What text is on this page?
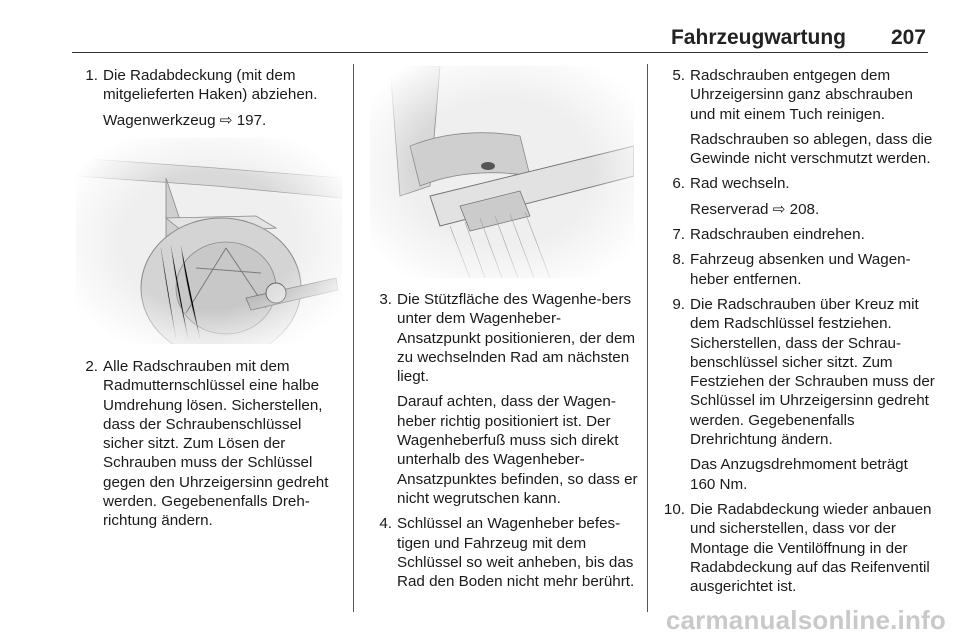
Fahrzeugwartung 207
1. Die Radabdeckung (mit dem mitgelieferten Haken) abziehen.
Wagenwerkzeug ⇨ 197.
2. Alle Radschrauben mit dem Radmutternschlüssel eine halbe Umdrehung lösen. Sicherstellen, dass der Schraubenschlüssel sicher sitzt. Zum Lösen der Schrauben muss der Schlüssel gegen den Uhrzeigersinn gedreht werden. Gegebenenfalls Dreh-richtung ändern.
3. Die Stützfläche des Wagenhe-bers unter dem Wagenheber-Ansatzpunkt positionieren, der dem zu wechselnden Rad am nächsten liegt.
Darauf achten, dass der Wagen-heber richtig positioniert ist. Der Wagenheberfuß muss sich direkt unterhalb des Wagenheber-Ansatzpunktes befinden, so dass er nicht wegrutschen kann.
4. Schlüssel an Wagenheber befes-tigen und Fahrzeug mit dem Schlüssel so weit anheben, bis das Rad den Boden nicht mehr berührt.
5. Radschrauben entgegen dem Uhrzeigersinn ganz abschrauben und mit einem Tuch reinigen.
Radschrauben so ablegen, dass die Gewinde nicht verschmutzt werden.
6. Rad wechseln.
Reserverad ⇨ 208.
7. Radschrauben eindrehen.
8. Fahrzeug absenken und Wagen-heber entfernen.
9. Die Radschrauben über Kreuz mit dem Radschlüssel festziehen. Sicherstellen, dass der Schrau-benschlüssel sicher sitzt. Zum Festziehen der Schrauben muss der Schlüssel im Uhrzeigersinn gedreht werden. Gegebenenfalls Drehrichtung ändern.
Das Anzugsdrehmoment beträgt 160 Nm.
10. Die Radabdeckung wieder anbauen und sicherstellen, dass vor der Montage die Ventilöffnung in der Radabdeckung auf das Reifenventil ausgerichtet ist.
carmanualsonline.info
